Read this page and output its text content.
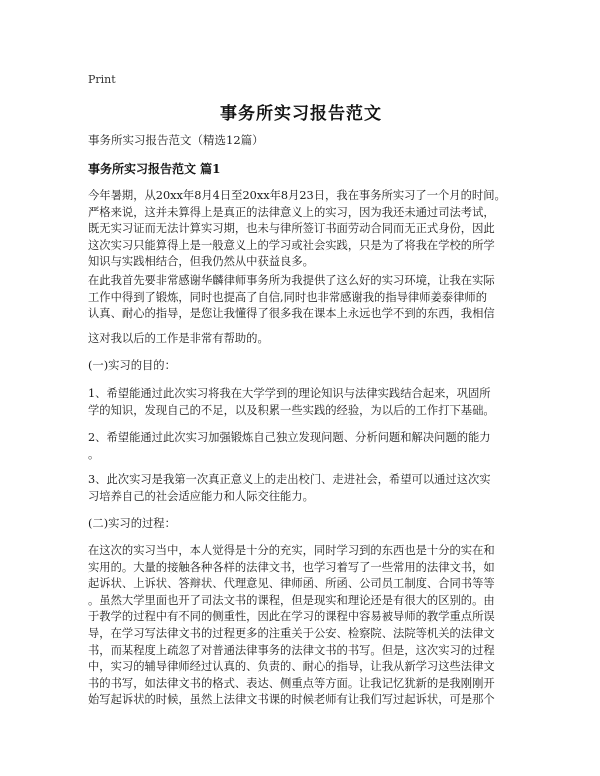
Print
事务所实习报告范文
事务所实习报告范文（精选12篇）
事务所实习报告范文 篇1

今年暑期，从20xx年8月4日至20xx年8月23日，我在事务所实习了一个月的时间。
严格来说，这并未算得上是真正的法律意义上的实习，因为我还未通过司法考试，
既无实习证而无法计算实习期，也未与律所签订书面劳动合同而无正式身份，因此
这次实习只能算得上是一般意义上的学习或社会实践，只是为了将我在学校的所学
知识与实践相结合，但我仍然从中获益良多。

在此我首先要非常感谢华麟律师事务所为我提供了这么好的实习环境，让我在实际
工作中得到了锻炼，同时也提高了自信,同时也非常感谢我的指导律师姜泰律师的
认真、耐心的指导，是您让我懂得了很多我在课本上永远也学不到的东西，我相信

这对我以后的工作是非常有帮助的。

(一)实习的目的：

1、希望能通过此次实习将我在大学学到的理论知识与法律实践结合起来，巩固所
学的知识，发现自己的不足，以及积累一些实践的经验，为以后的工作打下基础。

2、希望能通过此次实习加强锻炼自己独立发现问题、分析问题和解决问题的能力
。

3、此次实习是我第一次真正意义上的走出校门、走进社会，希望可以通过这次实
习培养自己的社会适应能力和人际交往能力。

(二)实习的过程：

在这次的实习当中，本人觉得是十分的充实，同时学习到的东西也是十分的实在和
实用的。大量的接触各种各样的法律文书，也学习着写了一些常用的法律文书，如
起诉状、上诉状、答辩状、代理意见、律师函、所函、公司员工制度、合同书等等
。虽然大学里面也开了司法文书的课程，但是现实和理论还是有很大的区别的。由
于教学的过程中有不同的侧重性，因此在学习的课程中容易被导师的教学重点所误
导，在学习写法律文书的过程更多的注重关于公安、检察院、法院等机关的法律文
书，而某程度上疏忽了对普通法律事务的法律文书的书写。但是，这次实习的过程
中，实习的辅导律师经过认真的、负责的、耐心的指导，让我从新学习这些法律文
书的书写，如法律文书的格式、表达、侧重点等方面。让我记忆犹新的是我刚刚开
始写起诉状的时候，虽然上法律文书课的时候老师有让我们写过起诉状，可是那个
